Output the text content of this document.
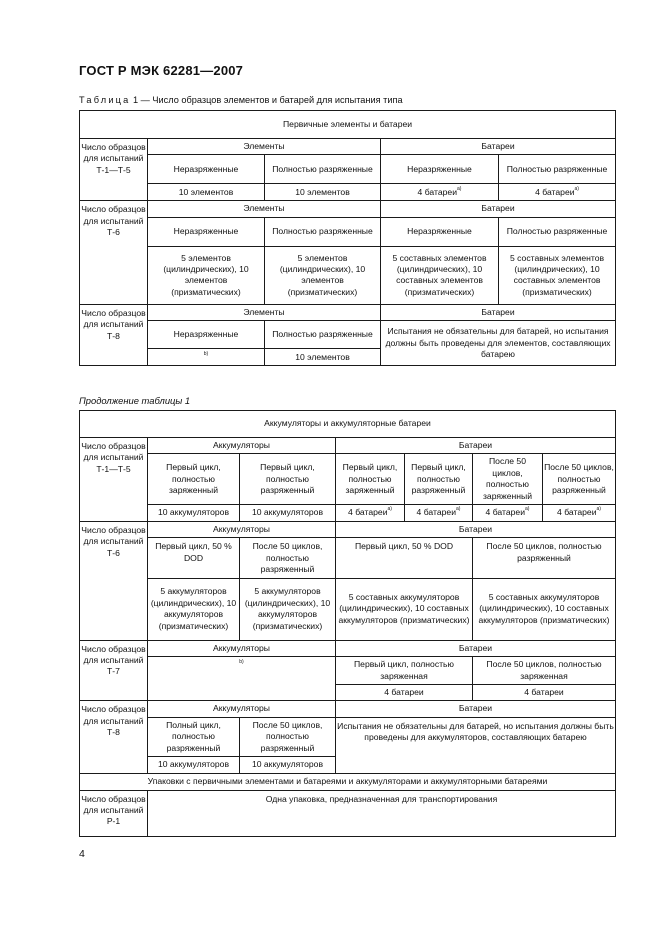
ГОСТ Р МЭК 62281—2007
Таблица 1 — Число образцов элементов и батарей для испытания типа
Первичные элементы и батареи				
Число образцов для испытаний Т-1—Т-5	Элементы		Батареи	
	Неразряженные	Полностью разряженные	Неразряженные	Полностью разряженные
	10 элементов	10 элементов	4 батареи$^{a)}$	4 батареи$^{a)}$
Число образцов для испытаний Т-6	Элементы		Батареи	
	Неразряженные	Полностью разряженные	Неразряженные	Полностью разряженные
	5 элементов (цилиндрических), 10 элементов (призматических)	5 элементов (цилиндрических), 10 элементов (призматических)	5 составных элементов (цилиндрических), 10 составных элементов (призматических)	5 составных элементов (цилиндрических), 10 составных элементов (призматических)
Число образцов для испытаний Т-8	Элементы		Батареи	
	Неразряженные	Полностью разряженные	Испытания не обязательны для батарей, но испытания должны быть проведены для элементов, составляющих батарею	
	$^{b)}$	10 элементов		
Продолжение таблицы 1
Аккумуляторы и аккумуляторные батареи						
Число образцов для испытаний Т-1—Т-5	Аккумуляторы		Батареи			
	Первый цикл, полностью заряженный	Первый цикл, полностью разряженный	Первый цикл, полностью заряженный	Первый цикл, полностью разряженный	После 50 циклов, полностью заряженный	После 50 циклов, полностью разряженный
	10 аккумуляторов	10 аккумуляторов	4 батареи$^{a)}$	4 батареи$^{a)}$	4 батареи$^{a)}$	4 батареи$^{a)}$
Число образцов для испытаний Т-6	Аккумуляторы		Батареи			
	Первый цикл, 50 % DOD	После 50 циклов, полностью разряженный	Первый цикл, 50 % DOD		После 50 циклов, полностью разряженный	
	5 аккумуляторов (цилиндрических), 10 аккумуляторов (призматических)	5 аккумуляторов (цилиндрических), 10 аккумуляторов (призматических)	5 составных аккумуляторов (цилиндрических), 10 составных аккумуляторов (призматических)		5 составных аккумуляторов (цилиндрических), 10 составных аккумуляторов (призматических)	
Число образцов для испытаний Т-7	Аккумуляторы		Батареи			
	$^{b)}$		Первый цикл, полностью заряженная		После 50 циклов, полностью заряженная	
			4 батареи		4 батареи	
Число образцов для испытаний Т-8	Аккумуляторы		Батареи			
	Полный цикл, полностью разряженный	После 50 циклов, полностью разряженный	Испытания не обязательны для батарей, но испытания должны быть проведены для аккумуляторов, составляющих батарею			
	10 аккумуляторов	10 аккумуляторов				
Упаковки с первичными элементами и батареями и аккумуляторами и аккумуляторными батареями						
Число образцов для испытаний Р-1	Одна упаковка, предназначенная для транспортирования					
4
